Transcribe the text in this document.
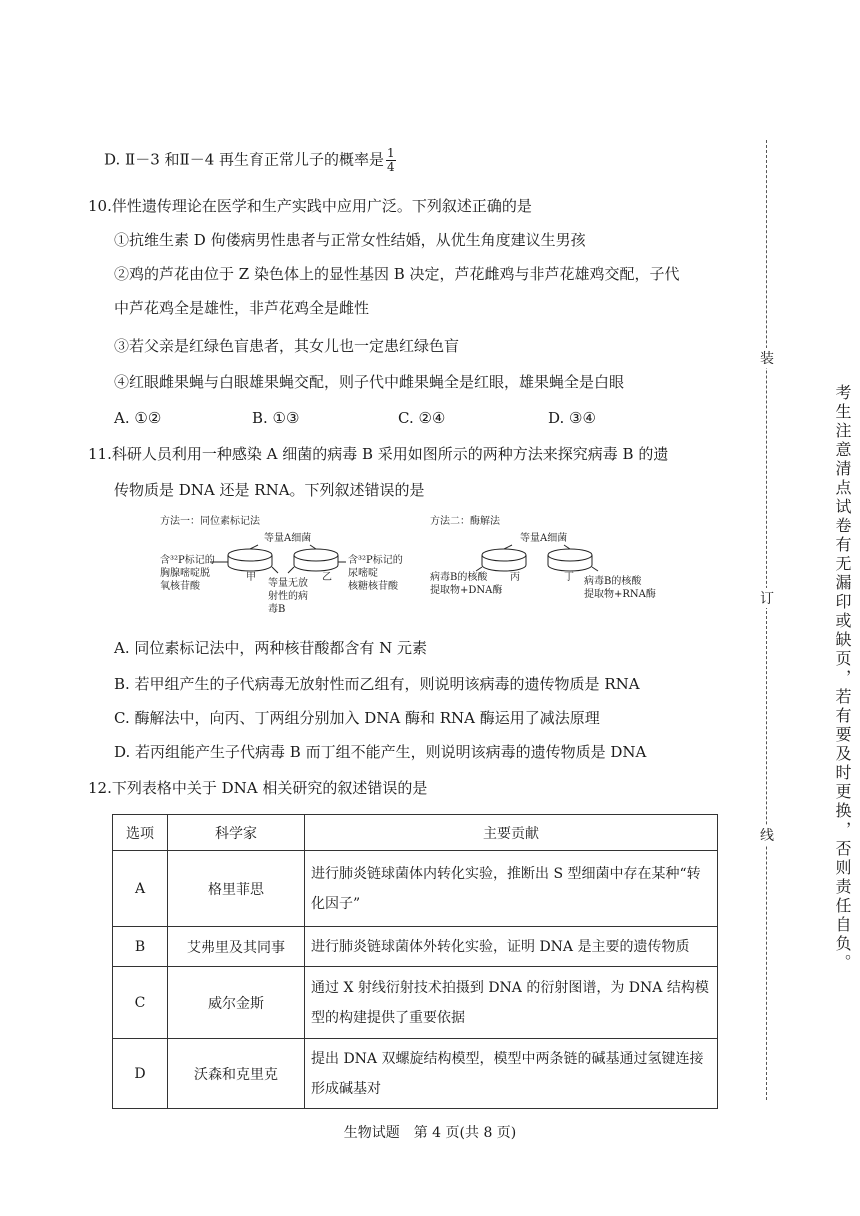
D. Ⅱ－3 和Ⅱ－4 再生育正常儿子的概率是 $\frac{1}{4}$
10.伴性遗传理论在医学和生产实践中应用广泛。下列叙述正确的是
①抗维生素 D 佝偻病男性患者与正常女性结婚，从优生角度建议生男孩
②鸡的芦花由位于 Z 染色体上的显性基因 B 决定，芦花雌鸡与非芦花雄鸡交配，子代
中芦花鸡全是雄性，非芦花鸡全是雌性
③若父亲是红绿色盲患者，其女儿也一定患红绿色盲
④红眼雌果蝇与白眼雄果蝇交配，则子代中雌果蝇全是红眼，雄果蝇全是白眼
A. ①②	B. ①③	C. ②④	D. ③④
11.科研人员利用一种感染 A 细菌的病毒 B 采用如图所示的两种方法来探究病毒 B 的遗
传物质是 DNA 还是 RNA。下列叙述错误的是
方法一：同位素标记法
等量A细菌
含³²P标记的
胸腺嘧啶脱
氧核苷酸
甲	乙
等量无放
射性的病
毒B
含³²P标记的
尿嘧啶
核糖核苷酸
方法二：酶解法
等量A细菌
病毒B的核酸
提取物+DNA酶
丙	丁 病毒B的核酸
提取物+RNA酶
A. 同位素标记法中，两种核苷酸都含有 N 元素
B. 若甲组产生的子代病毒无放射性而乙组有，则说明该病毒的遗传物质是 RNA
C. 酶解法中，向丙、丁两组分别加入 DNA 酶和 RNA 酶运用了减法原理
D. 若丙组能产生子代病毒 B 而丁组不能产生，则说明该病毒的遗传物质是 DNA
12.下列表格中关于 DNA 相关研究的叙述错误的是
选项	科学家	主要贡献
A	格里菲思	进行肺炎链球菌体内转化实验，推断出 S 型细菌中存在某种“转化因子”
B	艾弗里及其同事	进行肺炎链球菌体外转化实验，证明 DNA 是主要的遗传物质
C	威尔金斯	通过 X 射线衍射技术拍摄到 DNA 的衍射图谱，为 DNA 结构模型的构建提供了重要依据
D	沃森和克里克	提出 DNA 双螺旋结构模型，模型中两条链的碱基通过氢键连接形成碱基对
装
订
线	考生注意清点试卷有无漏印或缺页，若有要及时更换，否则责任自负。
生物试题　第 4 页(共 8 页)
